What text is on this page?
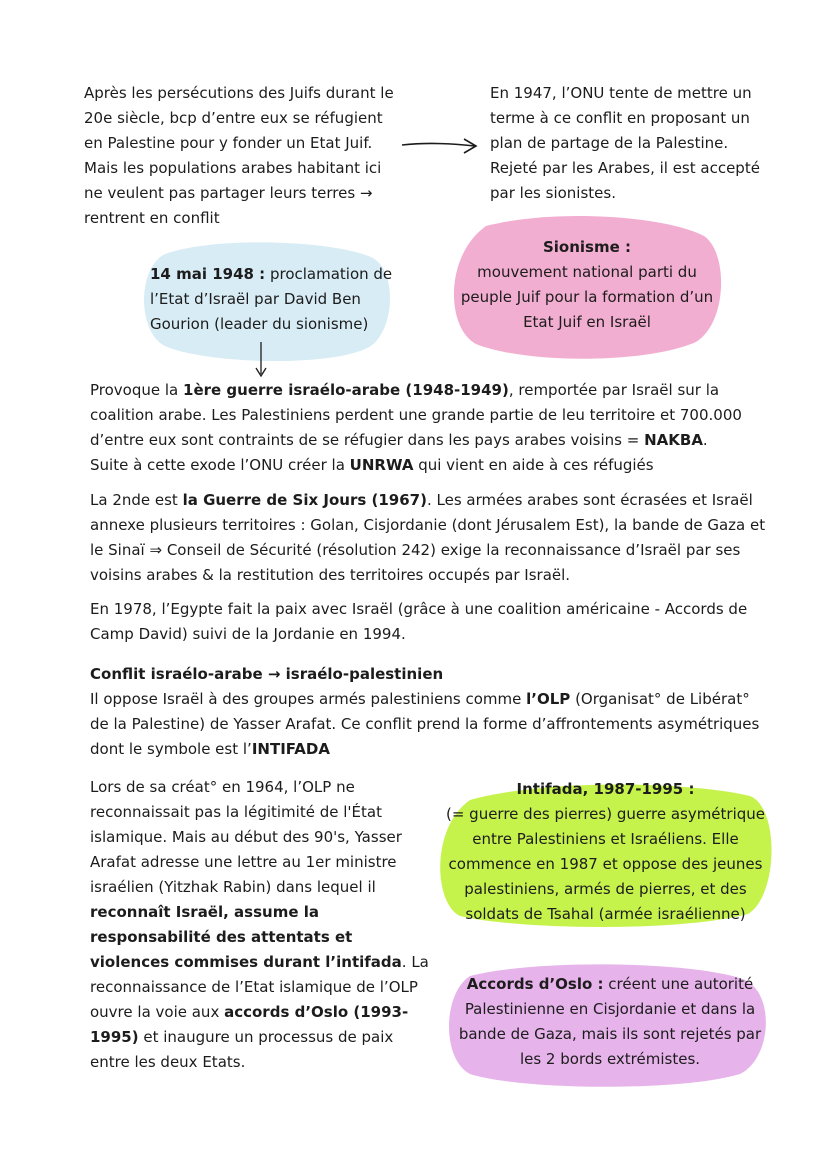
Après les persécutions des Juifs durant le 20e siècle, bcp d’entre eux se réfugient en Palestine pour y fonder un Etat Juif. Mais les populations arabes habitant ici ne veulent pas partager leurs terres → rentrent en conflit
En 1947, l’ONU tente de mettre un terme à ce conflit en proposant un plan de partage de la Palestine. Rejeté par les Arabes, il est accepté par les sionistes.
14 mai 1948 : proclamation de l’Etat d’Israël par David Ben Gourion (leader du sionisme)
Sionisme :
mouvement national parti du peuple Juif pour la formation d’un Etat Juif en Israël
Provoque la 1ère guerre israélo-arabe (1948-1949), remportée par Israël sur la coalition arabe. Les Palestiniens perdent une grande partie de leu territoire et 700.000 d’entre eux sont contraints de se réfugier dans les pays arabes voisins = NAKBA.
Suite à cette exode l’ONU créer la UNRWA qui vient en aide à ces réfugiés
La 2nde est la Guerre de Six Jours (1967). Les armées arabes sont écrasées et Israël annexe plusieurs territoires : Golan, Cisjordanie (dont Jérusalem Est), la bande de Gaza et le Sinaï ⇒ Conseil de Sécurité (résolution 242) exige la reconnaissance d’Israël par ses voisins arabes & la restitution des territoires occupés par Israël.
En 1978, l’Egypte fait la paix avec Israël (grâce à une coalition américaine - Accords de Camp David) suivi de la Jordanie en 1994.
Conflit israélo-arabe → israélo-palestinien
Il oppose Israël à des groupes armés palestiniens comme l’OLP (Organisat° de Libérat° de la Palestine) de Yasser Arafat. Ce conflit prend la forme d’affrontements asymétriques dont le symbole est l’INTIFADA
Lors de sa créat° en 1964, l’OLP ne reconnaissait pas la légitimité de l'État islamique. Mais au début des 90's, Yasser Arafat adresse une lettre au 1er ministre israélien (Yitzhak Rabin) dans lequel il reconnaît Israël, assume la responsabilité des attentats et violences commises durant l’intifada. La reconnaissance de l’Etat islamique de l’OLP ouvre la voie aux accords d’Oslo (1993-1995) et inaugure un processus de paix entre les deux Etats.
Intifada, 1987-1995 :
(= guerre des pierres) guerre asymétrique entre Palestiniens et Israéliens. Elle commence en 1987 et oppose des jeunes palestiniens, armés de pierres, et des soldats de Tsahal (armée israélienne)
Accords d’Oslo : créent une autorité Palestinienne en Cisjordanie et dans la bande de Gaza, mais ils sont rejetés par les 2 bords extrémistes.
